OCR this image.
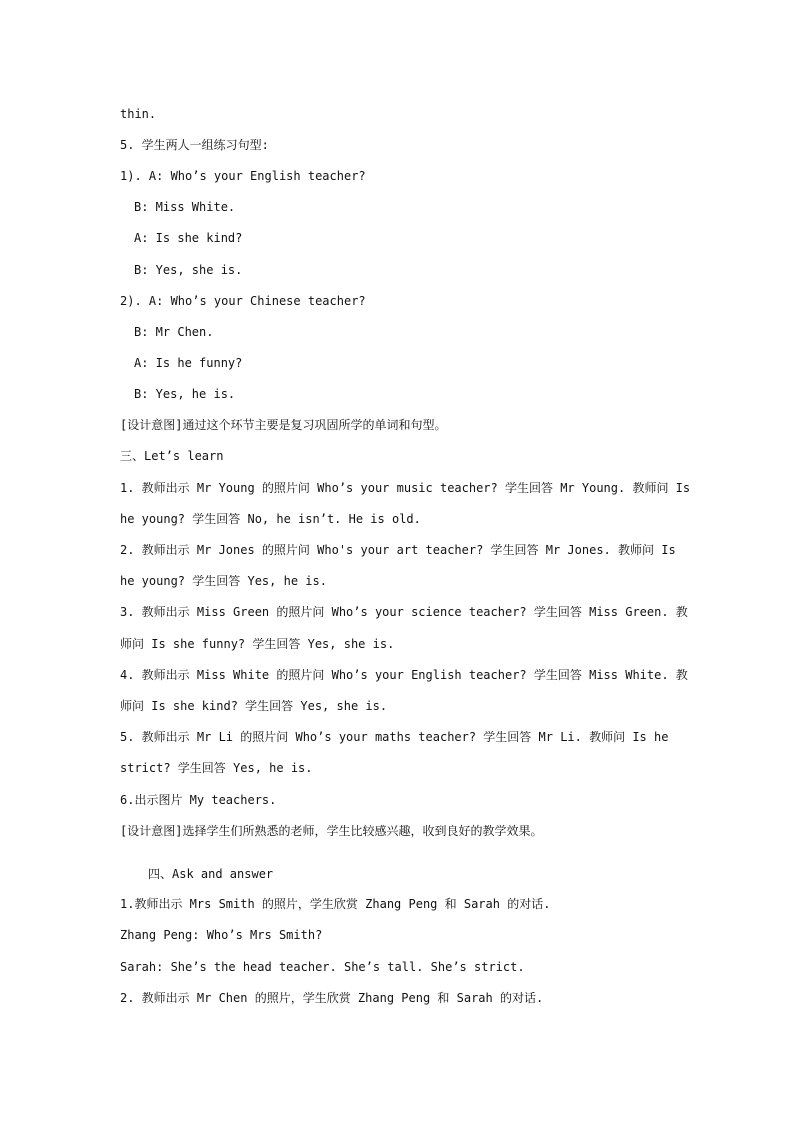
thin.
5. 学生两人一组练习句型:
1). A: Who’s your English teacher?
B: Miss White.
A: Is she kind?
B: Yes, she is.
2). A: Who’s your Chinese teacher?
B: Mr Chen.
A: Is he funny?
B: Yes, he is.
[设计意图]通过这个环节主要是复习巩固所学的单词和句型。
三、Let’s learn
1. 教师出示 Mr Young 的照片问 Who’s your music teacher? 学生回答 Mr Young. 教师问 Is
he young? 学生回答 No, he isn’t. He is old.
2. 教师出示 Mr Jones 的照片问 Who's your art teacher? 学生回答 Mr Jones. 教师问 Is
he young? 学生回答 Yes, he is.
3. 教师出示 Miss Green 的照片问 Who’s your science teacher? 学生回答 Miss Green. 教
师问 Is she funny? 学生回答 Yes, she is.
4. 教师出示 Miss White 的照片问 Who’s your English teacher? 学生回答 Miss White. 教
师问 Is she kind? 学生回答 Yes, she is.
5. 教师出示 Mr Li 的照片问 Who’s your maths teacher? 学生回答 Mr Li. 教师问 Is he
strict? 学生回答 Yes, he is.
6.出示图片 My teachers.
[设计意图]选择学生们所熟悉的老师，学生比较感兴趣，收到良好的教学效果。
四、Ask and answer
1.教师出示 Mrs Smith 的照片，学生欣赏 Zhang Peng 和 Sarah 的对话.
Zhang Peng: Who’s Mrs Smith?
Sarah: She’s the head teacher. She’s tall. She’s strict.
2. 教师出示 Mr Chen 的照片，学生欣赏 Zhang Peng 和 Sarah 的对话.
